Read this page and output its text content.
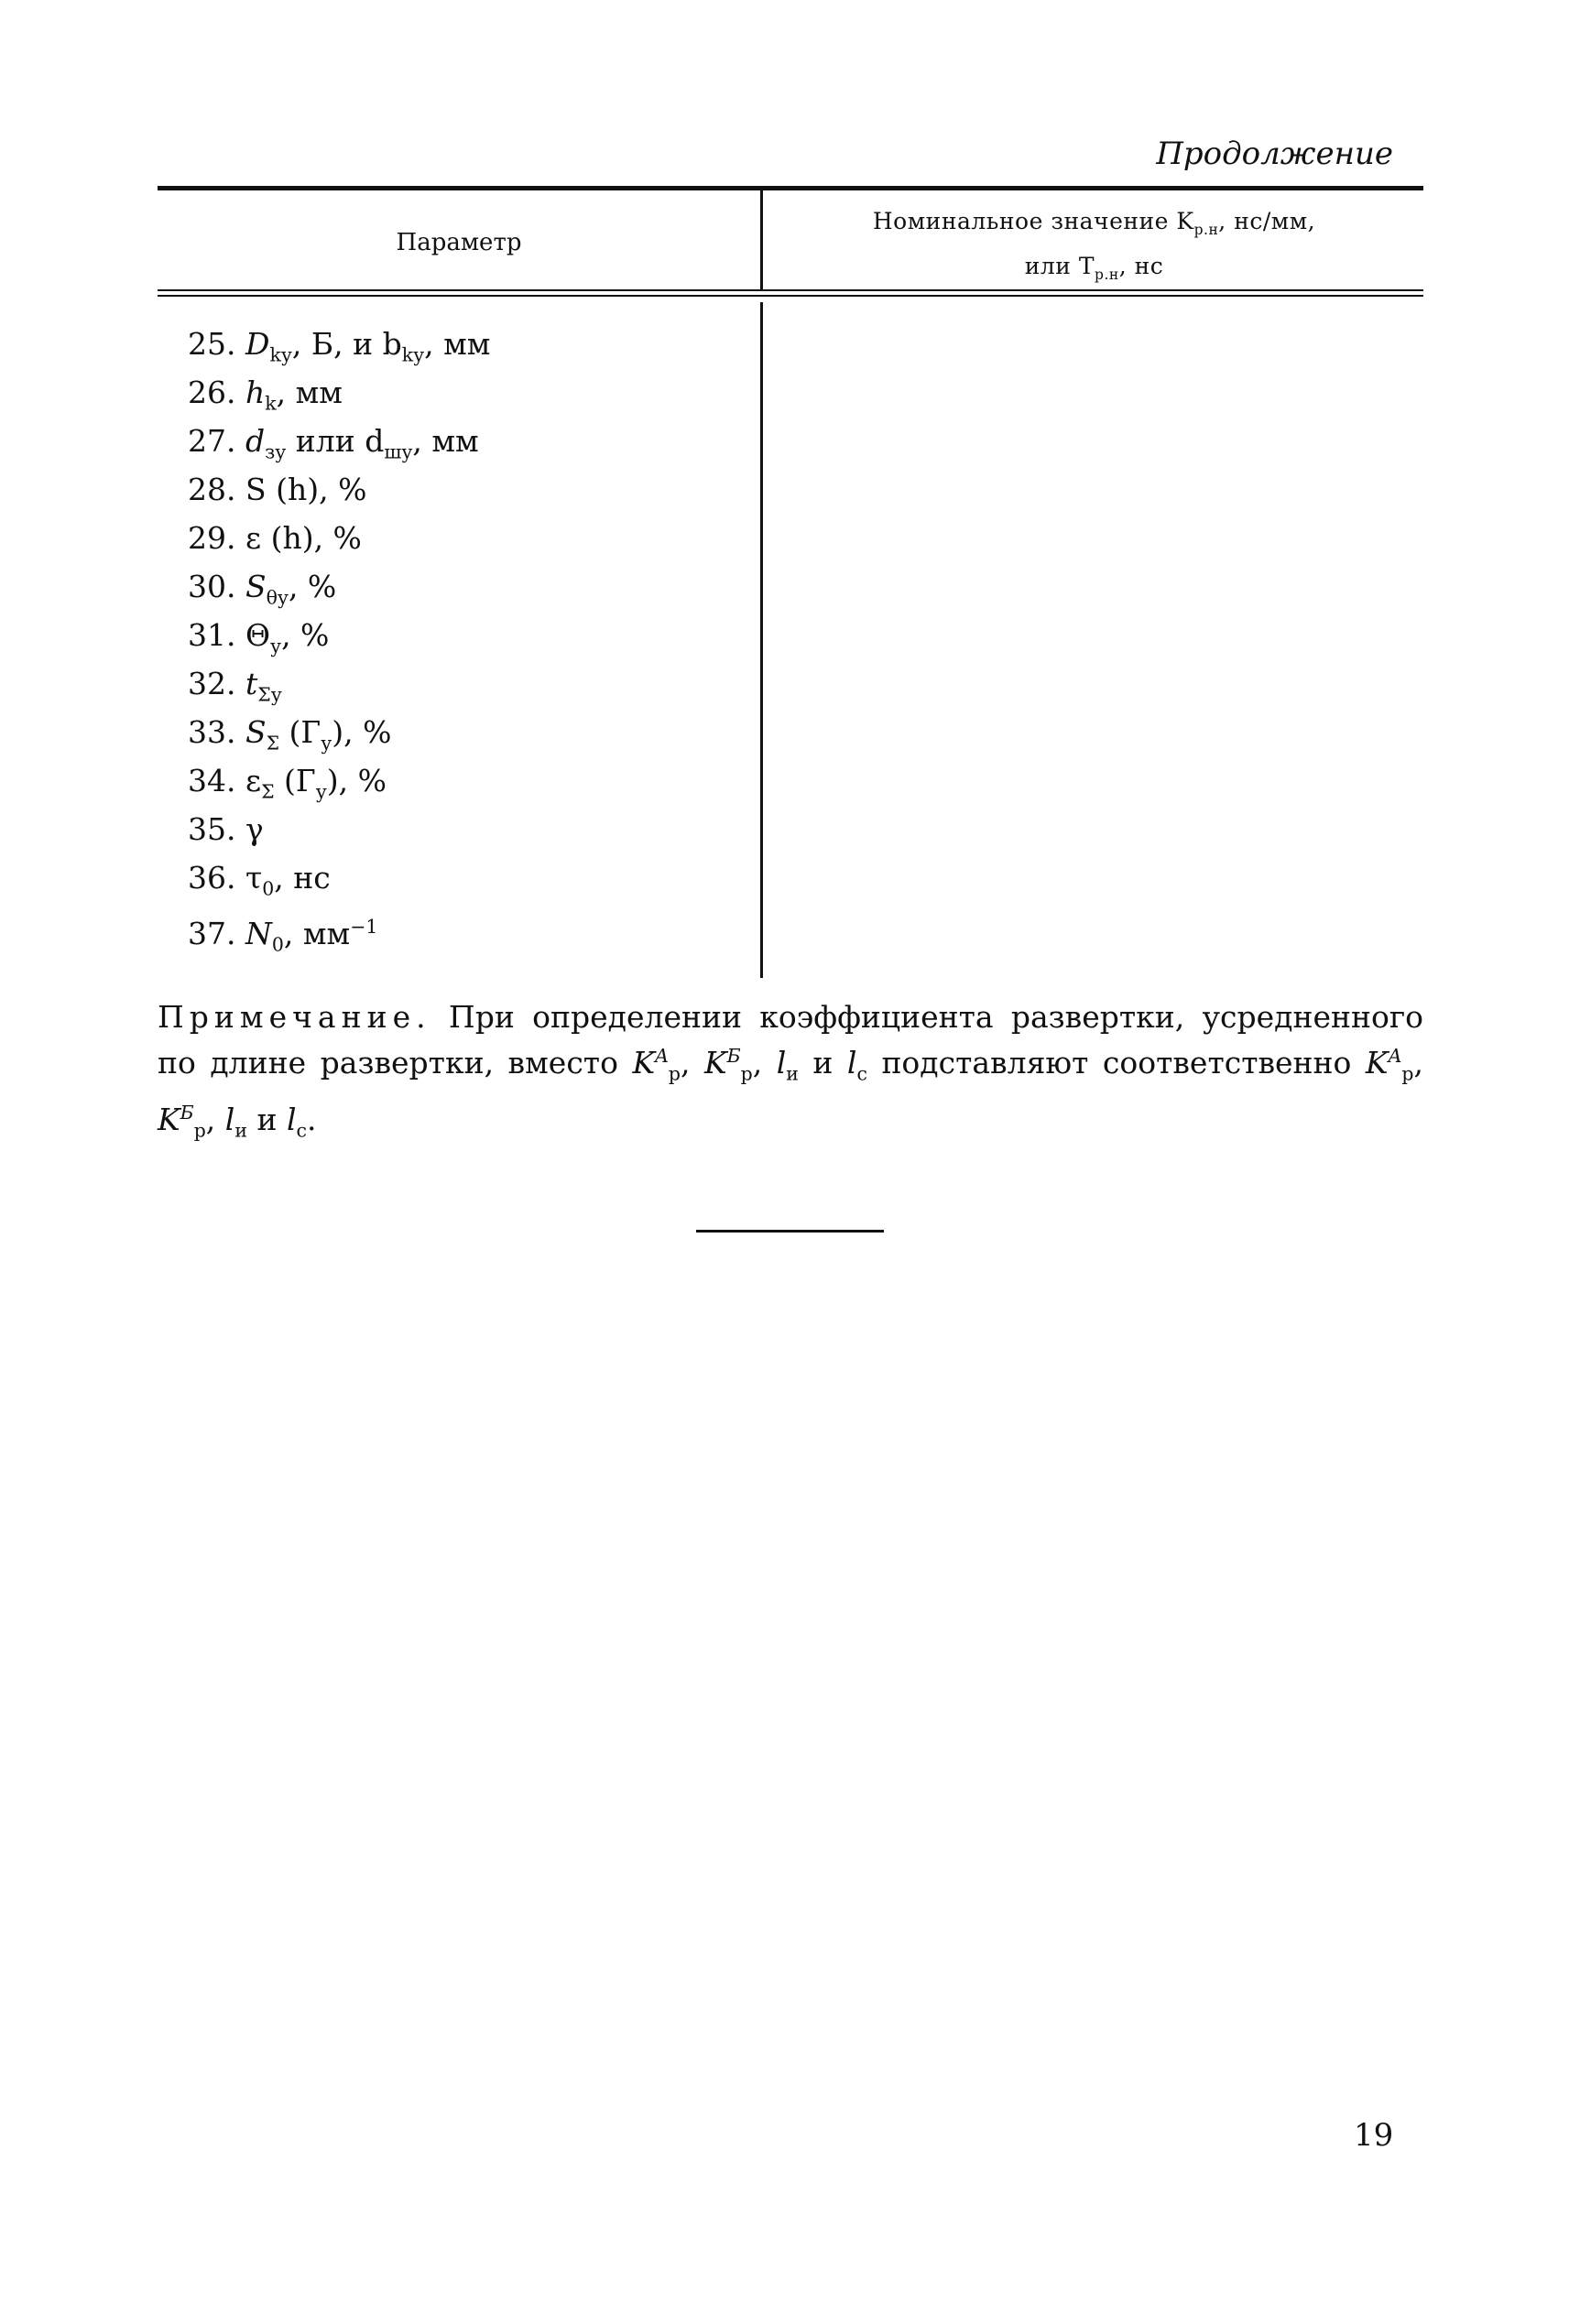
Продолжение
Параметр
Номинальное значение $K_{р.н}$, нс/мм,
или $T_{р.н}$, нс
25. $D_{kу}$, Б, и $b_{kу}$, мм
26. $h_k$, мм
27. $d_{зу}$ или $d_{шу}$, мм
28. S (h), %
29. ε (h), %
30. $S_{\theta у}$, %
31. $\Theta_у$, %
32. $t_{\Sigma у}$
33. $S_\Sigma$ $(Г_у)$, %
34. $\varepsilon_\Sigma$ $(Г_у)$, %
35. γ
36. $\tau_0$, нс
37. $N_0$, $мм^{-1}$
Примечание. При определении коэффициента развертки, усредненного
по длине развертки, вместо $K^A_р$, $K^Б_р$, $l_и$ и $l_с$ подставляют соответственно $K^A_р$,
$K^Б_р$, $l_и$ и $l_с$.
19
